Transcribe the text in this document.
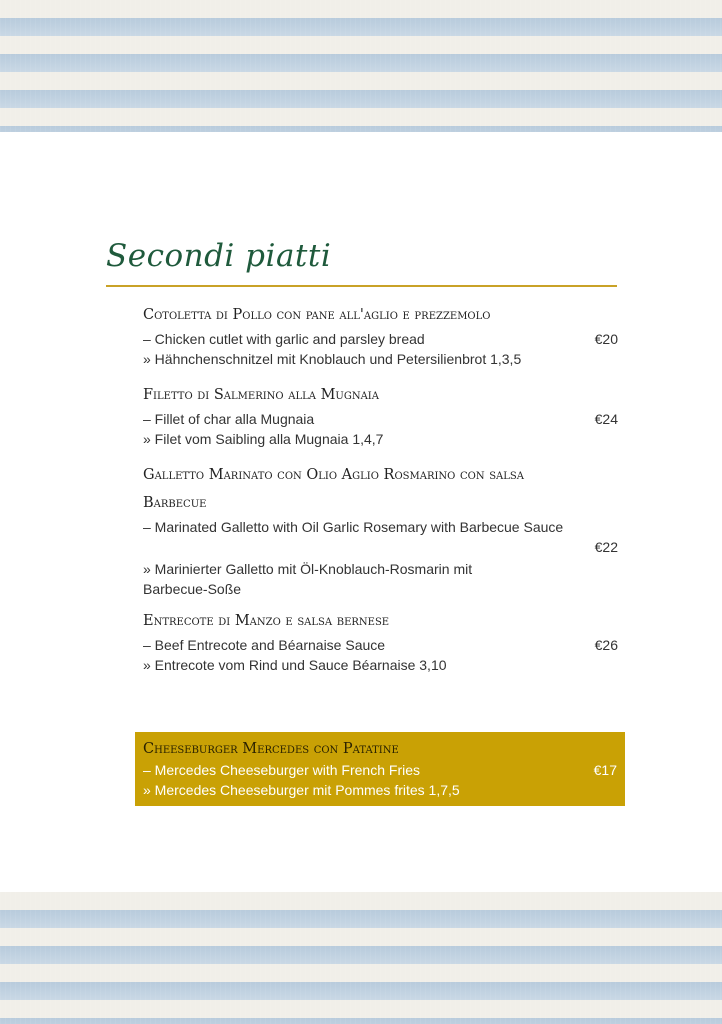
Secondi piatti
Cotoletta di Pollo con pane all'aglio e prezzemolo
– Chicken cutlet with garlic and parsley bread	€20
» Hähnchenschnitzel mit Knoblauch und Petersilienbrot 1,3,5
Filetto di Salmerino alla Mugnaia
– Fillet of char alla Mugnaia	€24
» Filet vom Saibling alla Mugnaia 1,4,7
Galletto Marinato con Olio Aglio Rosmarino con salsa
Barbecue
– Marinated Galletto with Oil Garlic Rosemary with Barbecue Sauce
€22
» Marinierter Galletto mit Öl-Knoblauch-Rosmarin mit
Barbecue-Soße
Entrecote di Manzo e salsa bernese
– Beef Entrecote and Béarnaise Sauce	€26
» Entrecote vom Rind und Sauce Béarnaise 3,10
Cheeseburger Mercedes con Patatine
– Mercedes Cheeseburger with French Fries	€17
» Mercedes Cheeseburger mit Pommes frites 1,7,5
